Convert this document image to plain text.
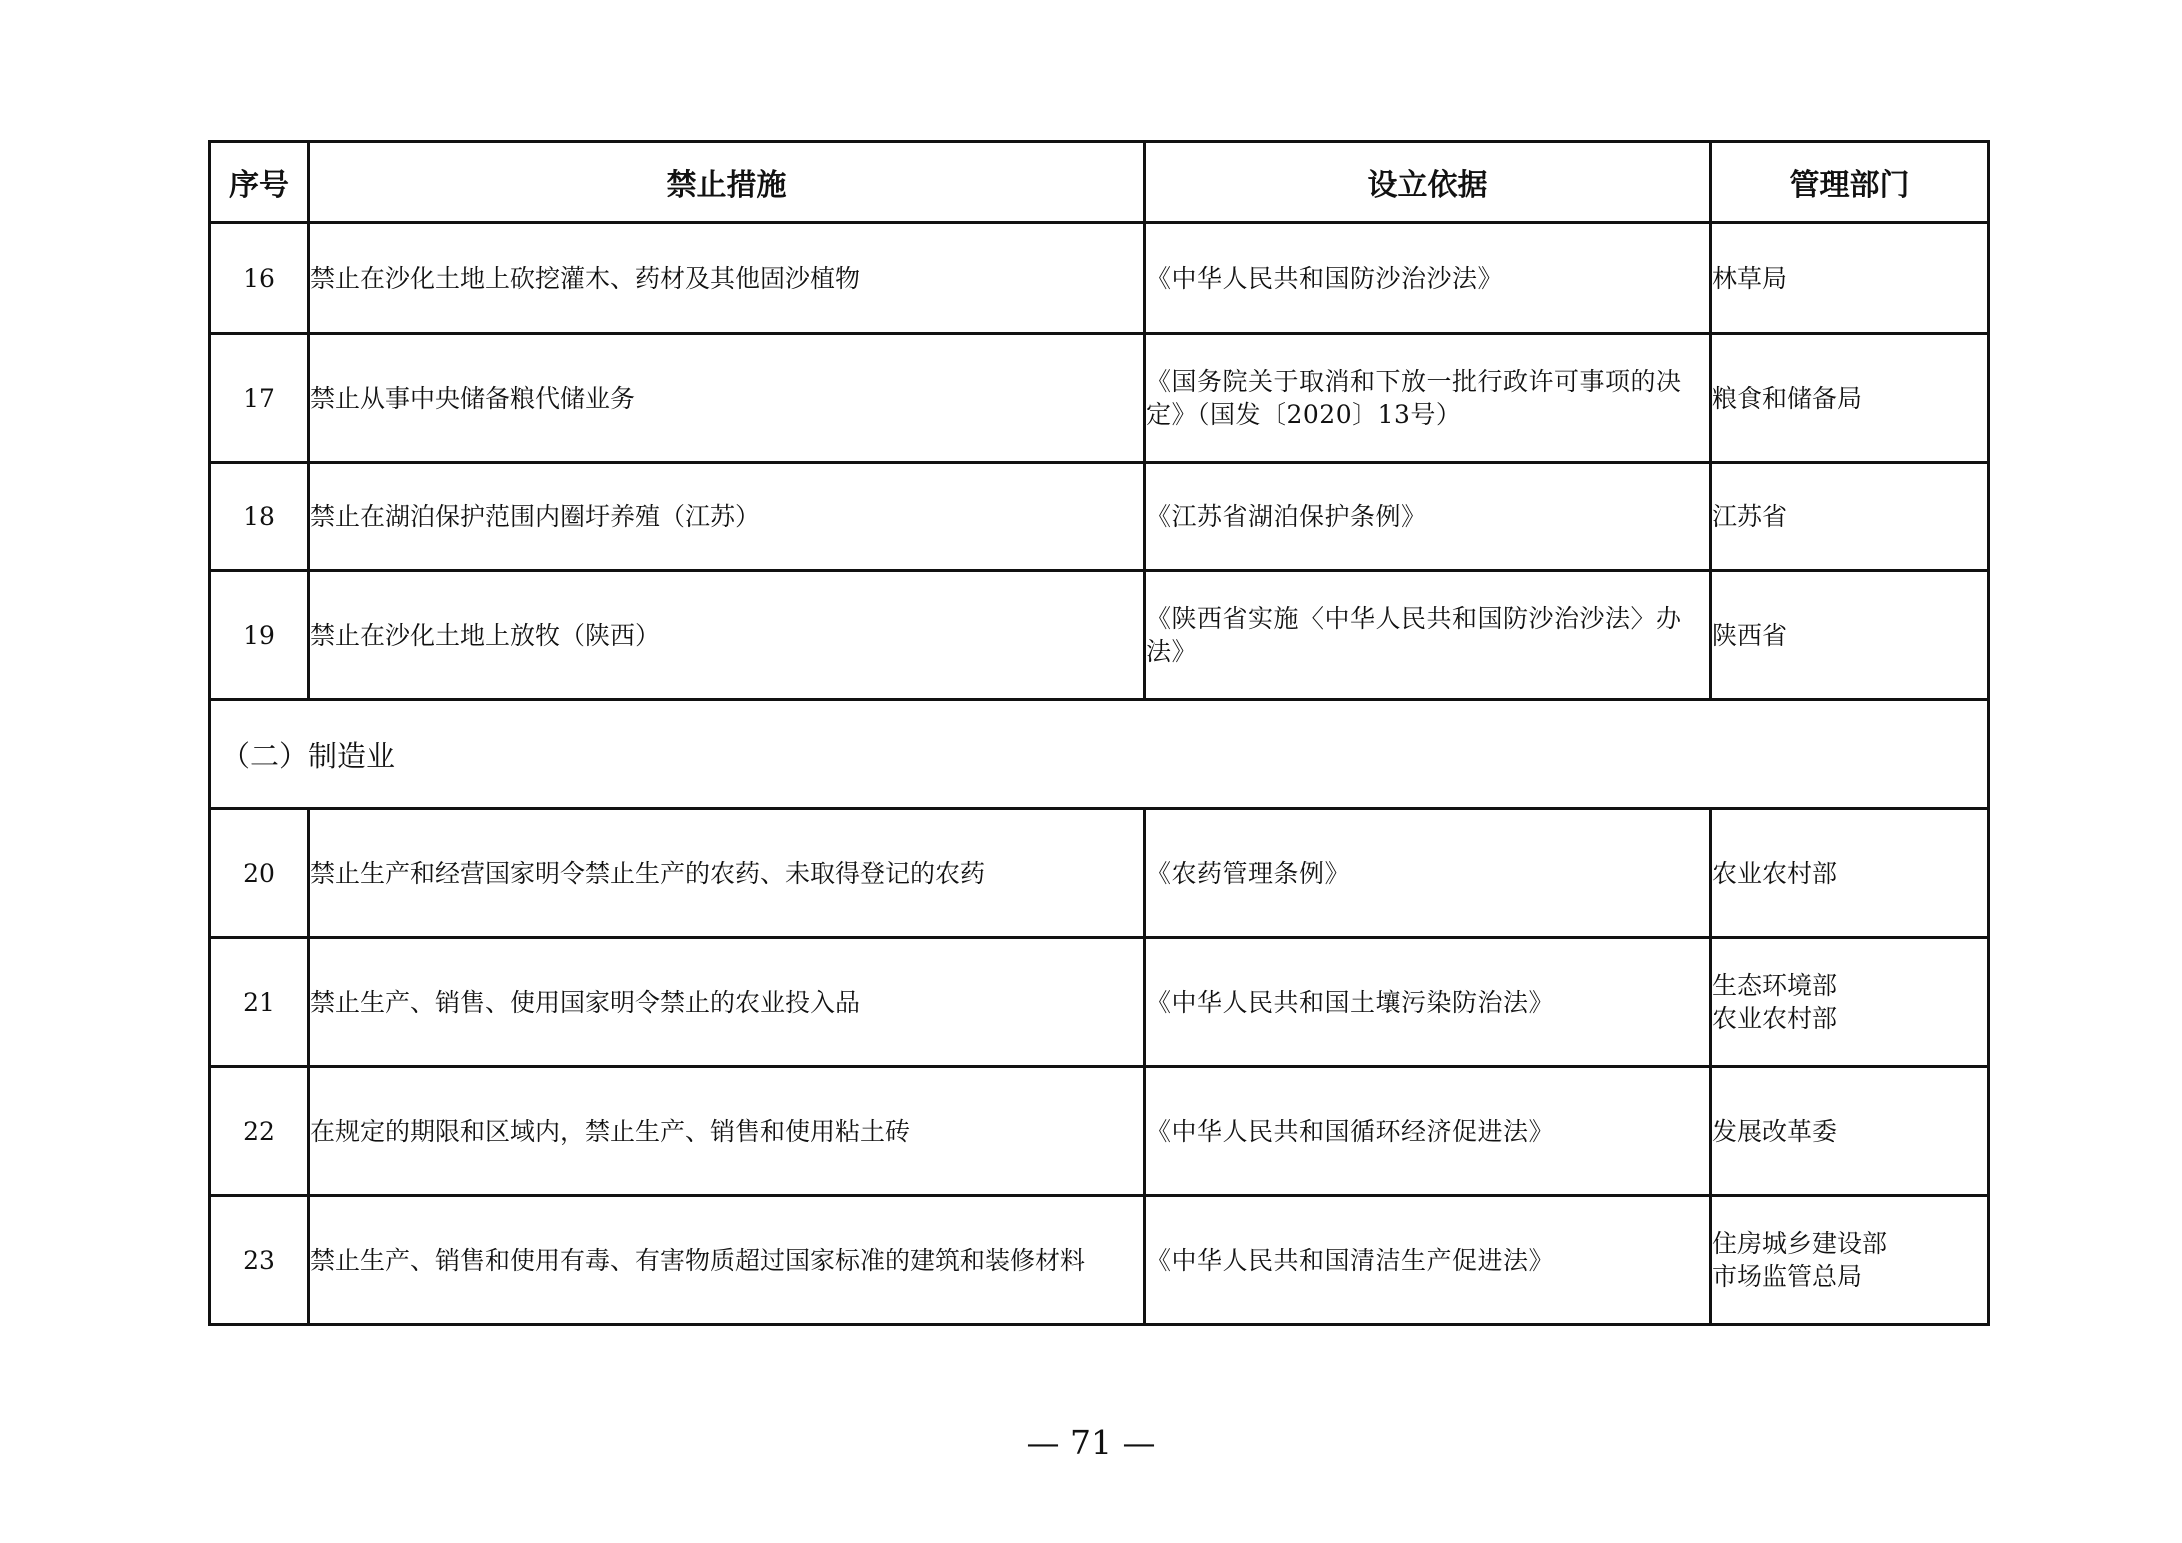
序号	禁止措施	设立依据	管理部门
16	禁止在沙化土地上砍挖灌木、药材及其他固沙植物	《中华人民共和国防沙治沙法》	林草局

17	禁止从事中央储备粮代储业务	《国务院关于取消和下放一批行政许可事项的决定》（国发〔2020〕13号）	粮食和储备局

18	禁止在湖泊保护范围内圈圩养殖（江苏）	《江苏省湖泊保护条例》	江苏省

19	禁止在沙化土地上放牧（陕西）	《陕西省实施〈中华人民共和国防沙治沙法〉办法》	陕西省

（二）制造业			
20	禁止生产和经营国家明令禁止生产的农药、未取得登记的农药	《农药管理条例》	农业农村部

21	禁止生产、销售、使用国家明令禁止的农业投入品	《中华人民共和国土壤污染防治法》	生态环境部
农业农村部

22	在规定的期限和区域内，禁止生产、销售和使用粘土砖	《中华人民共和国循环经济促进法》	发展改革委

23	禁止生产、销售和使用有毒、有害物质超过国家标准的建筑和装修材料	《中华人民共和国清洁生产促进法》	住房城乡建设部
市场监管总局
— 71 —
